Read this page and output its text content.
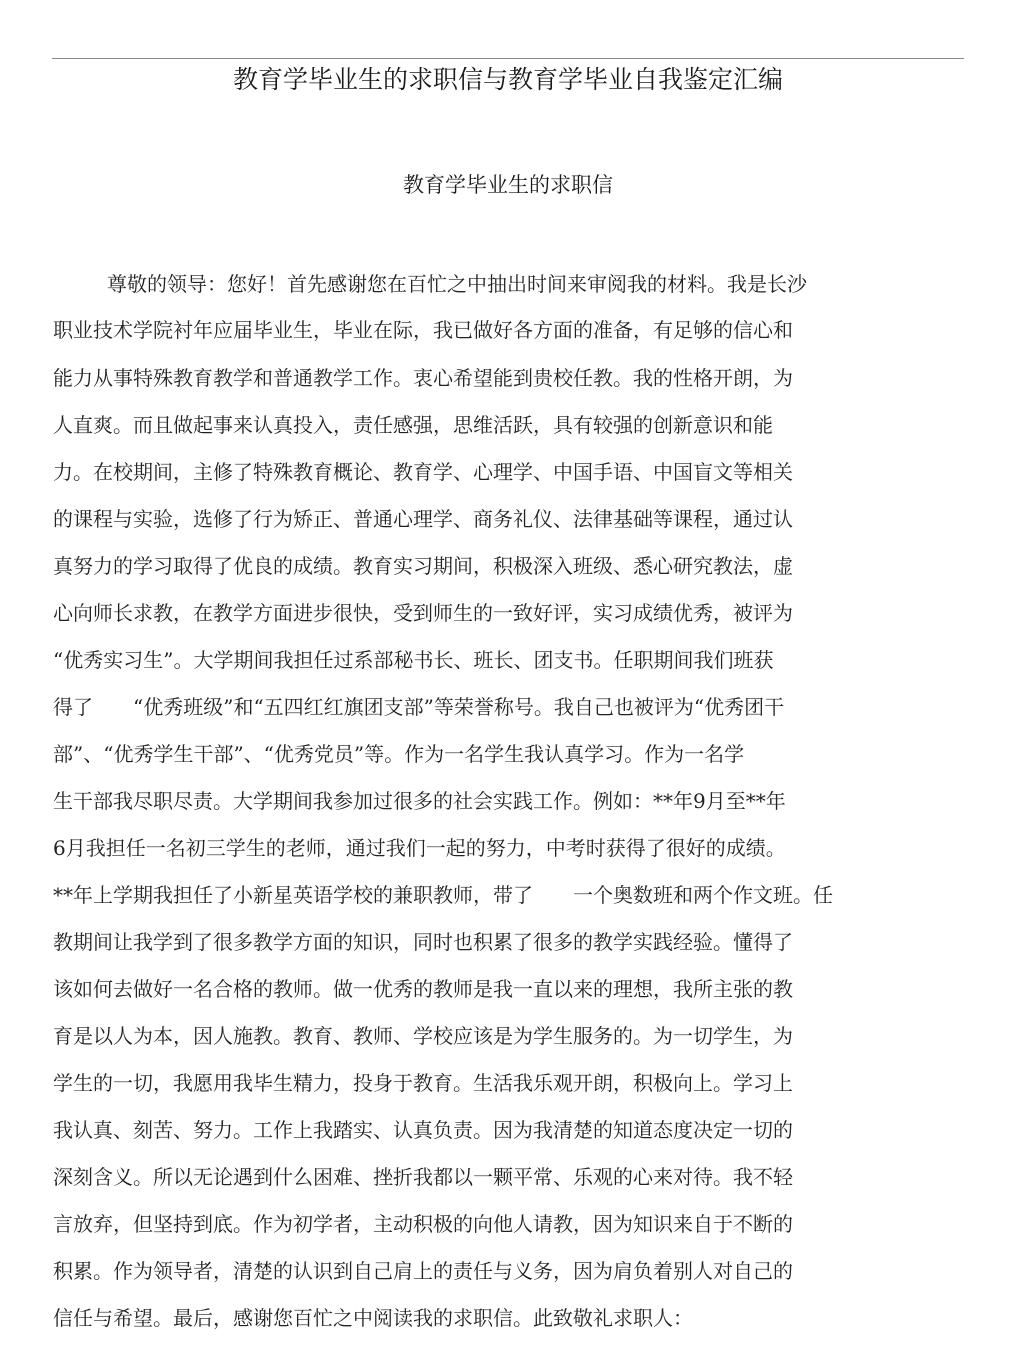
教育学毕业生的求职信与教育学毕业自我鉴定汇编
教育学毕业生的求职信
尊敬的领导：您好！首先感谢您在百忙之中抽出时间来审阅我的材料。我是长沙
职业技术学院衬年应届毕业生，毕业在际，我已做好各方面的准备，有足够的信心和
能力从事特殊教育教学和普通教学工作。衷心希望能到贵校任教。我的性格开朗，为
人直爽。而且做起事来认真投入，责任感强，思维活跃，具有较强的创新意识和能
力。在校期间，主修了特殊教育概论、教育学、心理学、中国手语、中国盲文等相关
的课程与实验，选修了行为矫正、普通心理学、商务礼仪、法律基础等课程，通过认
真努力的学习取得了优良的成绩。教育实习期间，积极深入班级、悉心研究教法，虚
心向师长求教，在教学方面进步很快，受到师生的一致好评，实习成绩优秀，被评为
“优秀实习生”。大学期间我担任过系部秘书长、班长、团支书。任职期间我们班获
得了　　“优秀班级”和“五四红红旗团支部”等荣誉称号。我自己也被评为“优秀团干
部”、“优秀学生干部”、“优秀党员”等。作为一名学生我认真学习。作为一名学
生干部我尽职尽责。大学期间我参加过很多的社会实践工作。例如：**年9月至**年
6月我担任一名初三学生的老师，通过我们一起的努力，中考时获得了很好的成绩。
**年上学期我担任了小新星英语学校的兼职教师，带了　　一个奥数班和两个作文班。任
教期间让我学到了很多教学方面的知识，同时也积累了很多的教学实践经验。懂得了
该如何去做好一名合格的教师。做一优秀的教师是我一直以来的理想，我所主张的教
育是以人为本，因人施教。教育、教师、学校应该是为学生服务的。为一切学生，为
学生的一切，我愿用我毕生精力，投身于教育。生活我乐观开朗，积极向上。学习上
我认真、刻苦、努力。工作上我踏实、认真负责。因为我清楚的知道态度决定一切的
深刻含义。所以无论遇到什么困难、挫折我都以一颗平常、乐观的心来对待。我不轻
言放弃，但坚持到底。作为初学者，主动积极的向他人请教，因为知识来自于不断的
积累。作为领导者，清楚的认识到自己肩上的责任与义务，因为肩负着别人对自己的
信任与希望。最后，感谢您百忙之中阅读我的求职信。此致敬礼求职人：
